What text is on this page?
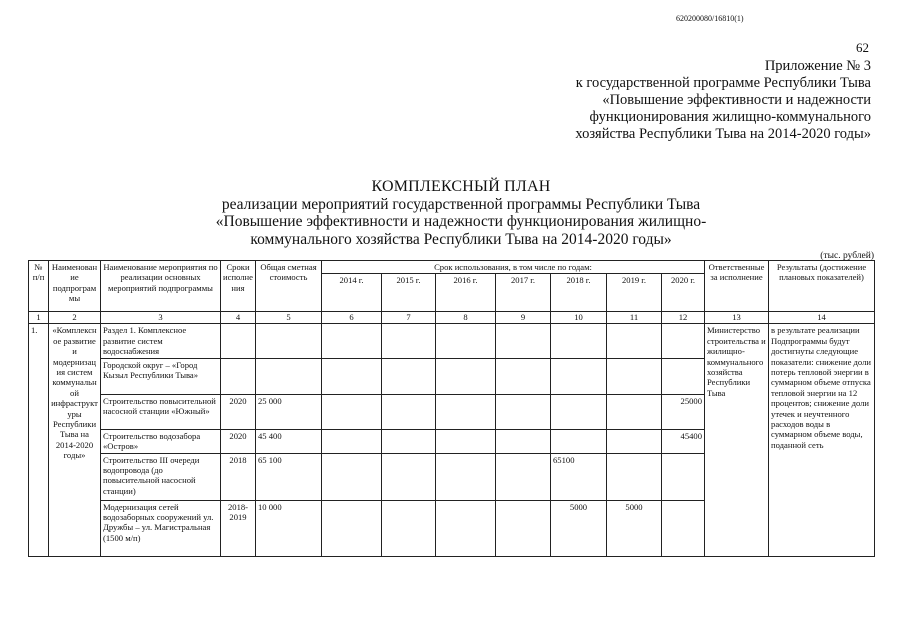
620200080/16810(1)
62
Приложение № 3
к государственной программе Республики Тыва
«Повышение эффективности и надежности
функционирования жилищно-коммунального
хозяйства Республики Тыва на 2014-2020 годы»
КОМПЛЕКСНЫЙ ПЛАН
реализации мероприятий государственной программы Республики Тыва
«Повышение эффективности и надежности функционирования жилищно-
коммунального хозяйства Республики Тыва на 2014-2020 годы»
(тыс. рублей)
№ п/п	Наименование подпрограммы	Наименование мероприятия по реализации основных мероприятий подпрограммы	Сроки исполнения	Общая сметная стоимость	Срок использования, в том числе по годам:							Ответственные за исполнение	Результаты (достижение плановых показателей)
					2014 г.	2015 г.	2016 г.	2017 г.	2018 г.	2019 г.	2020 г.		
1	2	3	4	5	6	7	8	9	10	11	12	13	14
1.	«Комплексное развитие и модернизация систем коммунальной инфраструктуры Республики Тыва на 2014-2020 годы»	Раздел 1. Комплексное развитие систем водоснабжения										Министерство строительства и жилищно-коммунального хозяйства Республики Тыва	в результате реализации Подпрограммы будут достигнуты следующие показатели: снижение доли потерь тепловой энергии в суммарном объеме отпуска тепловой энергии на 12 процентов; снижение доли утечек и неучтенного расходов воды в суммарном объеме воды, поданной сеть
		Городской округ – «Город Кызыл Республики Тыва»											
		Строительство повысительной насосной станции «Южный»	2020	25 000							25000		
		Строительство водозабора «Остров»	2020	45 400							45400		
		Строительство III очереди водопровода (до повысительной насосной станции)	2018	65 100					65100				
		Модернизация сетей водозаборных сооружений ул. Дружбы – ул. Магистральная (1500 м/п)	2018-2019	10 000					5000	5000			
